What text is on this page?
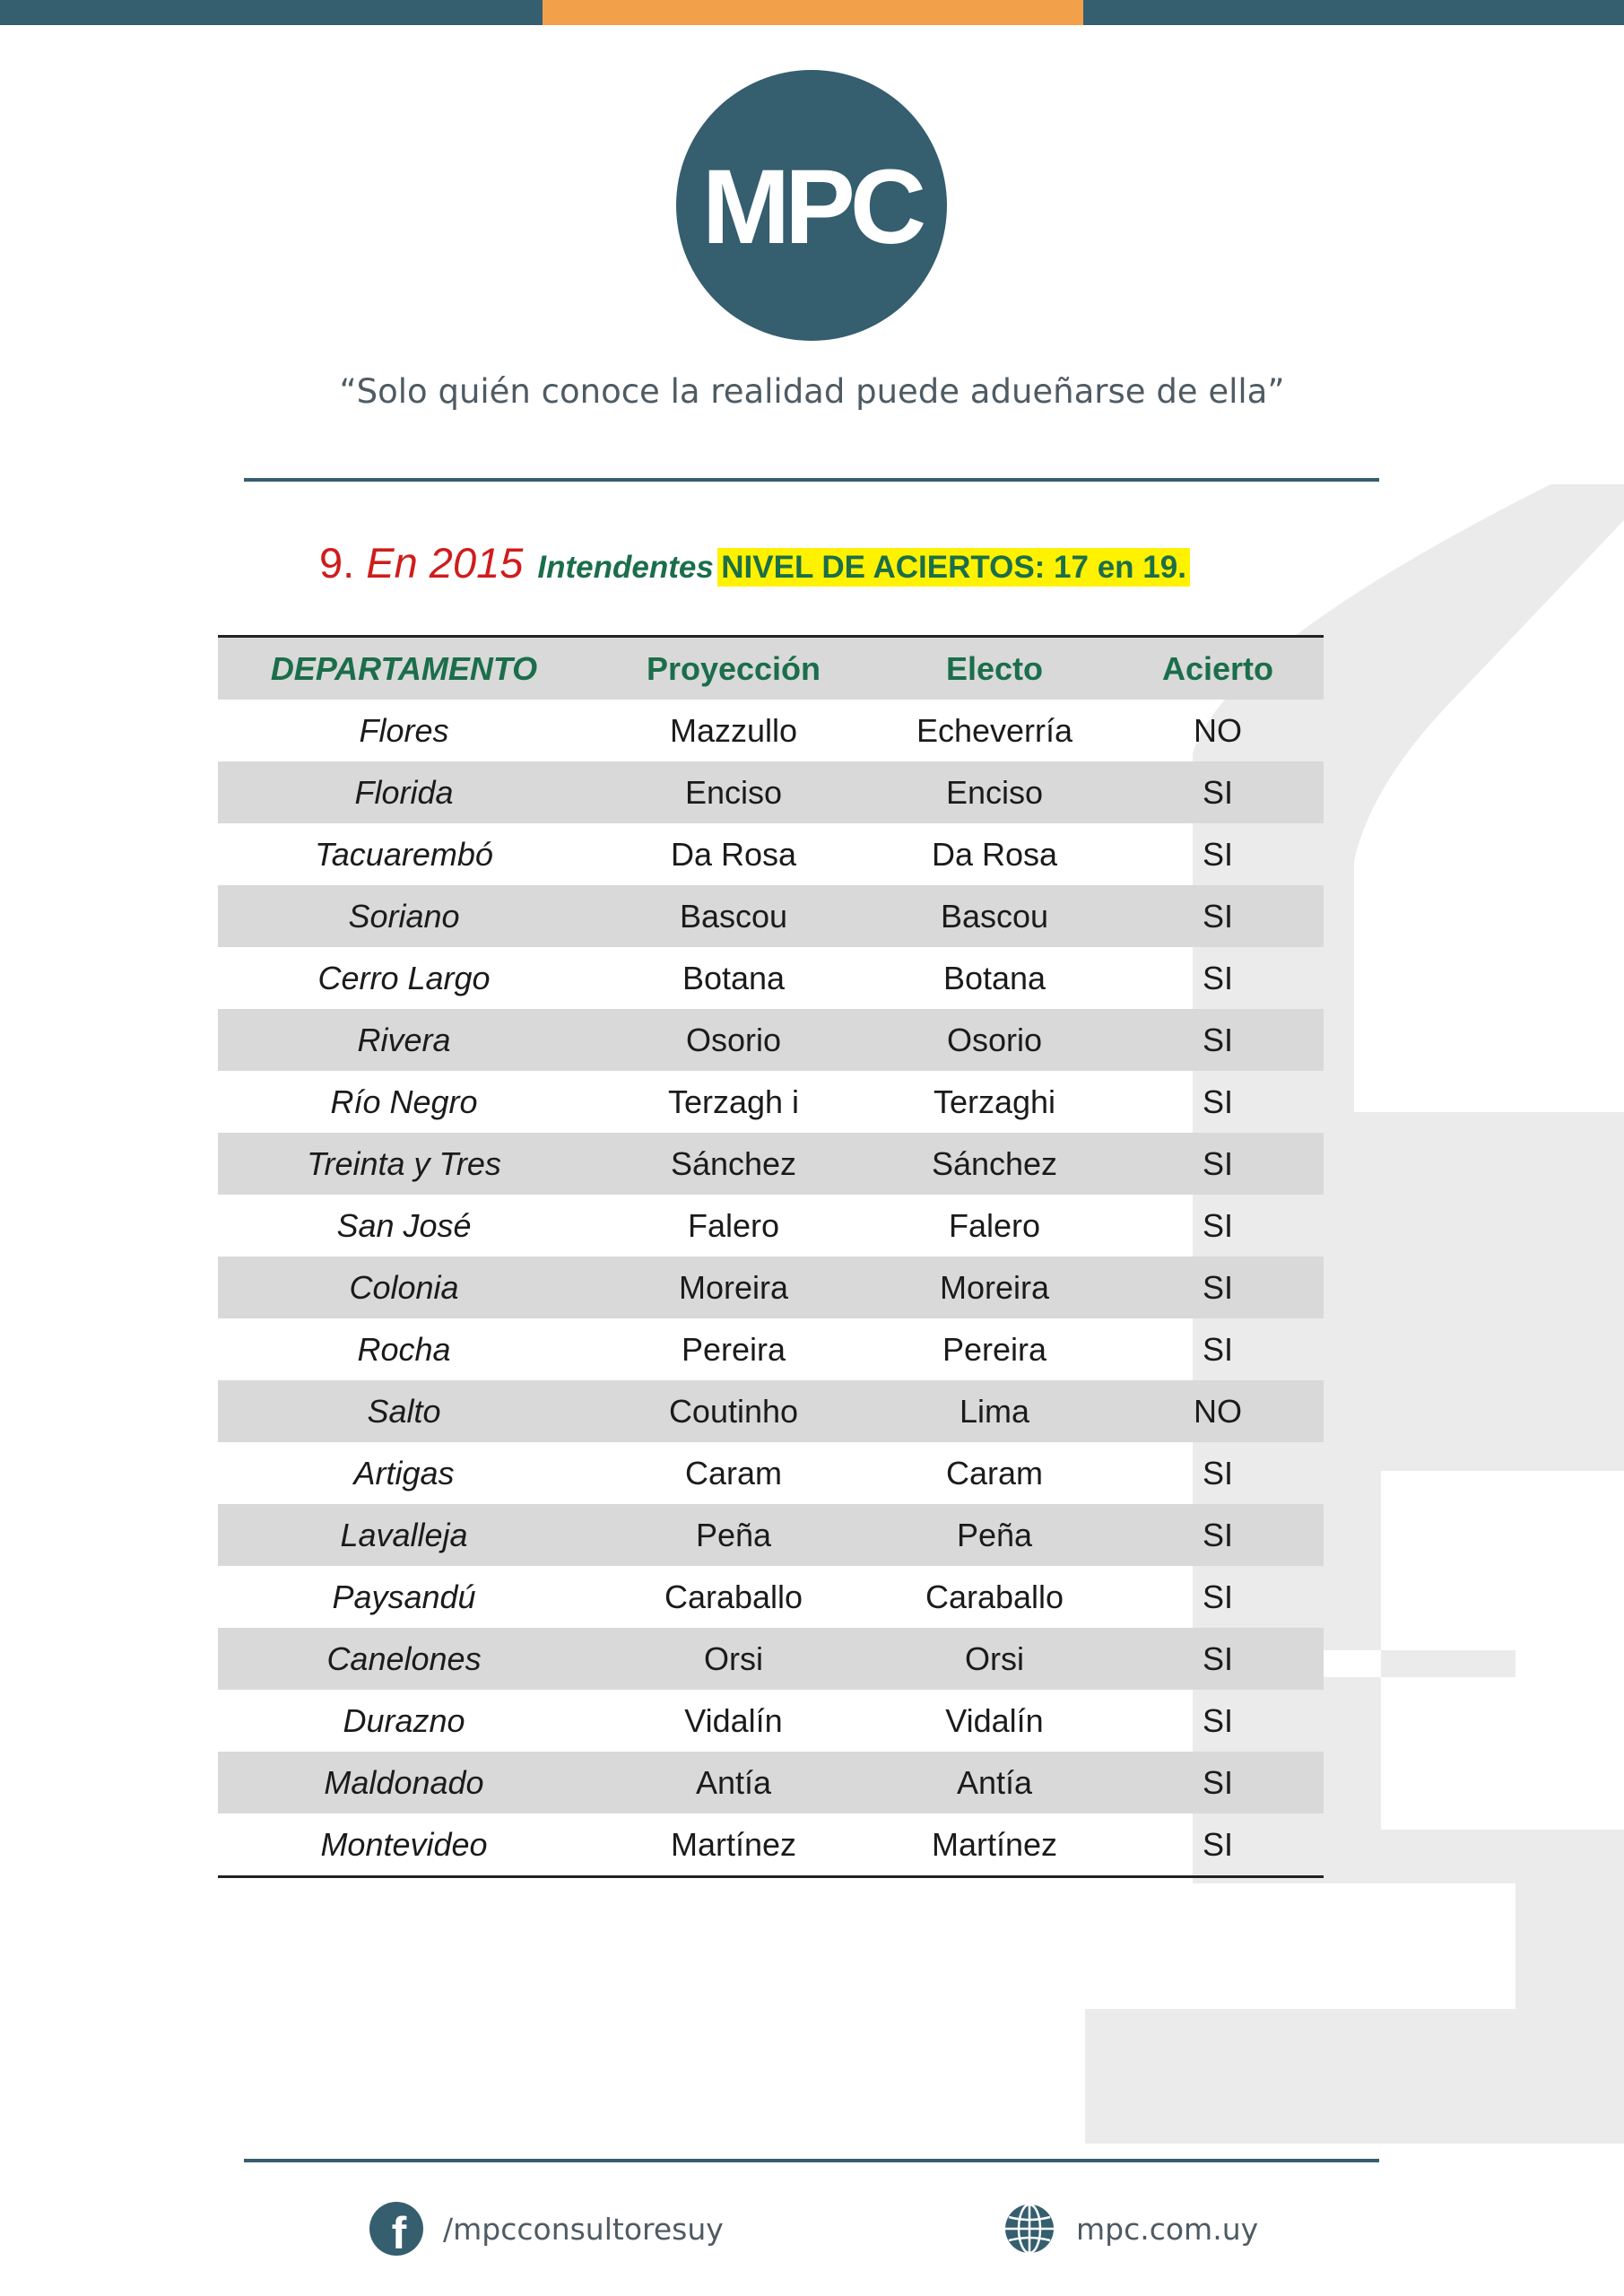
MPC
“Solo quién conoce la realidad puede adueñarse de ella”
9. En 2015 Intendentes NIVEL DE ACIERTOS: 17 en 19.
DEPARTAMENTO	Proyección	Electo	Acierto
Flores	Mazzullo	Echeverría	NO
Florida	Enciso	Enciso	SI
Tacuarembó	Da Rosa	Da Rosa	SI
Soriano	Bascou	Bascou	SI
Cerro Largo	Botana	Botana	SI
Rivera	Osorio	Osorio	SI
Río Negro	Terzagh i	Terzaghi	SI
Treinta y Tres	Sánchez	Sánchez	SI
San José	Falero	Falero	SI
Colonia	Moreira	Moreira	SI
Rocha	Pereira	Pereira	SI
Salto	Coutinho	Lima	NO
Artigas	Caram	Caram	SI
Lavalleja	Peña	Peña	SI
Paysandú	Caraballo	Caraballo	SI
Canelones	Orsi	Orsi	SI
Durazno	Vidalín	Vidalín	SI
Maldonado	Antía	Antía	SI
Montevideo	Martínez	Martínez	SI
f /mpcconsultoresuy	mpc.com.uy
